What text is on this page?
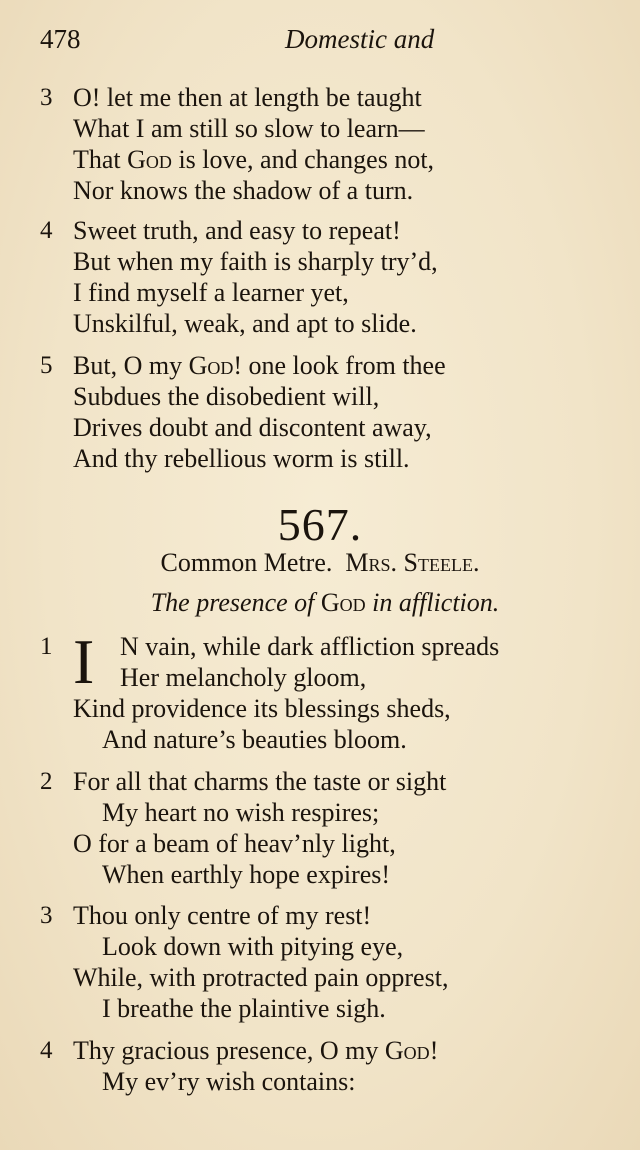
478	Domestic and
3 O! let me then at length be taught
What I am still so slow to learn—
That God is love, and changes not,
Nor knows the shadow of a turn.
4 Sweet truth, and easy to repeat!
But when my faith is sharply try’d,
I find myself a learner yet,
Unskilful, weak, and apt to slide.
5 But, O my God! one look from thee
Subdues the disobedient will,
Drives doubt and discontent away,
And thy rebellious worm is still.
567.
Common Metre. Mrs. Steele.
The presence of God in affliction.
1 I N vain, while dark affliction spreads
Her melancholy gloom,
Kind providence its blessings sheds,
And nature’s beauties bloom.
2 For all that charms the taste or sight
My heart no wish respires;
O for a beam of heav’nly light,
When earthly hope expires!
3 Thou only centre of my rest!
Look down with pitying eye,
While, with protracted pain opprest,
I breathe the plaintive sigh.
4 Thy gracious presence, O my God!
My ev’ry wish contains:
